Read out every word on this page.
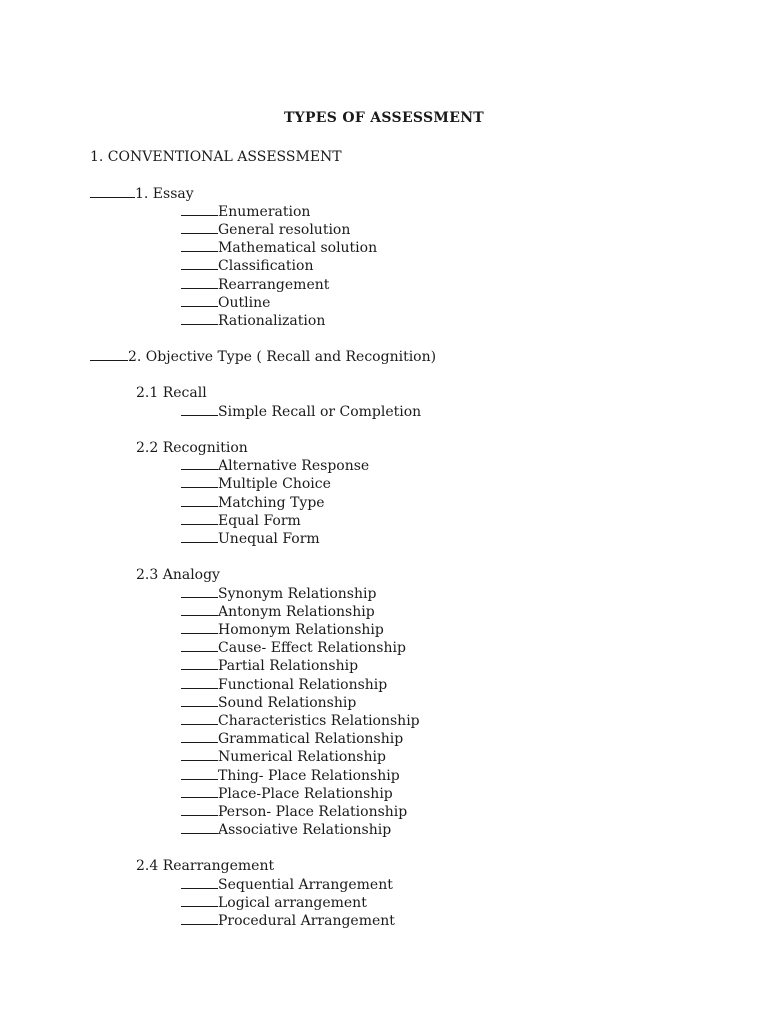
TYPES OF ASSESSMENT
1. CONVENTIONAL ASSESSMENT
1. Essay
Enumeration
General resolution
Mathematical solution
Classification
Rearrangement
Outline
Rationalization
2. Objective Type ( Recall and Recognition)
2.1 Recall
Simple Recall or Completion
2.2 Recognition
Alternative Response
Multiple Choice
Matching Type
Equal Form
Unequal Form
2.3 Analogy
Synonym Relationship
Antonym Relationship
Homonym Relationship
Cause- Effect Relationship
Partial Relationship
Functional Relationship
Sound Relationship
Characteristics Relationship
Grammatical Relationship
Numerical Relationship
Thing- Place Relationship
Place-Place Relationship
Person- Place Relationship
Associative Relationship
2.4 Rearrangement
Sequential Arrangement
Logical arrangement
Procedural Arrangement
